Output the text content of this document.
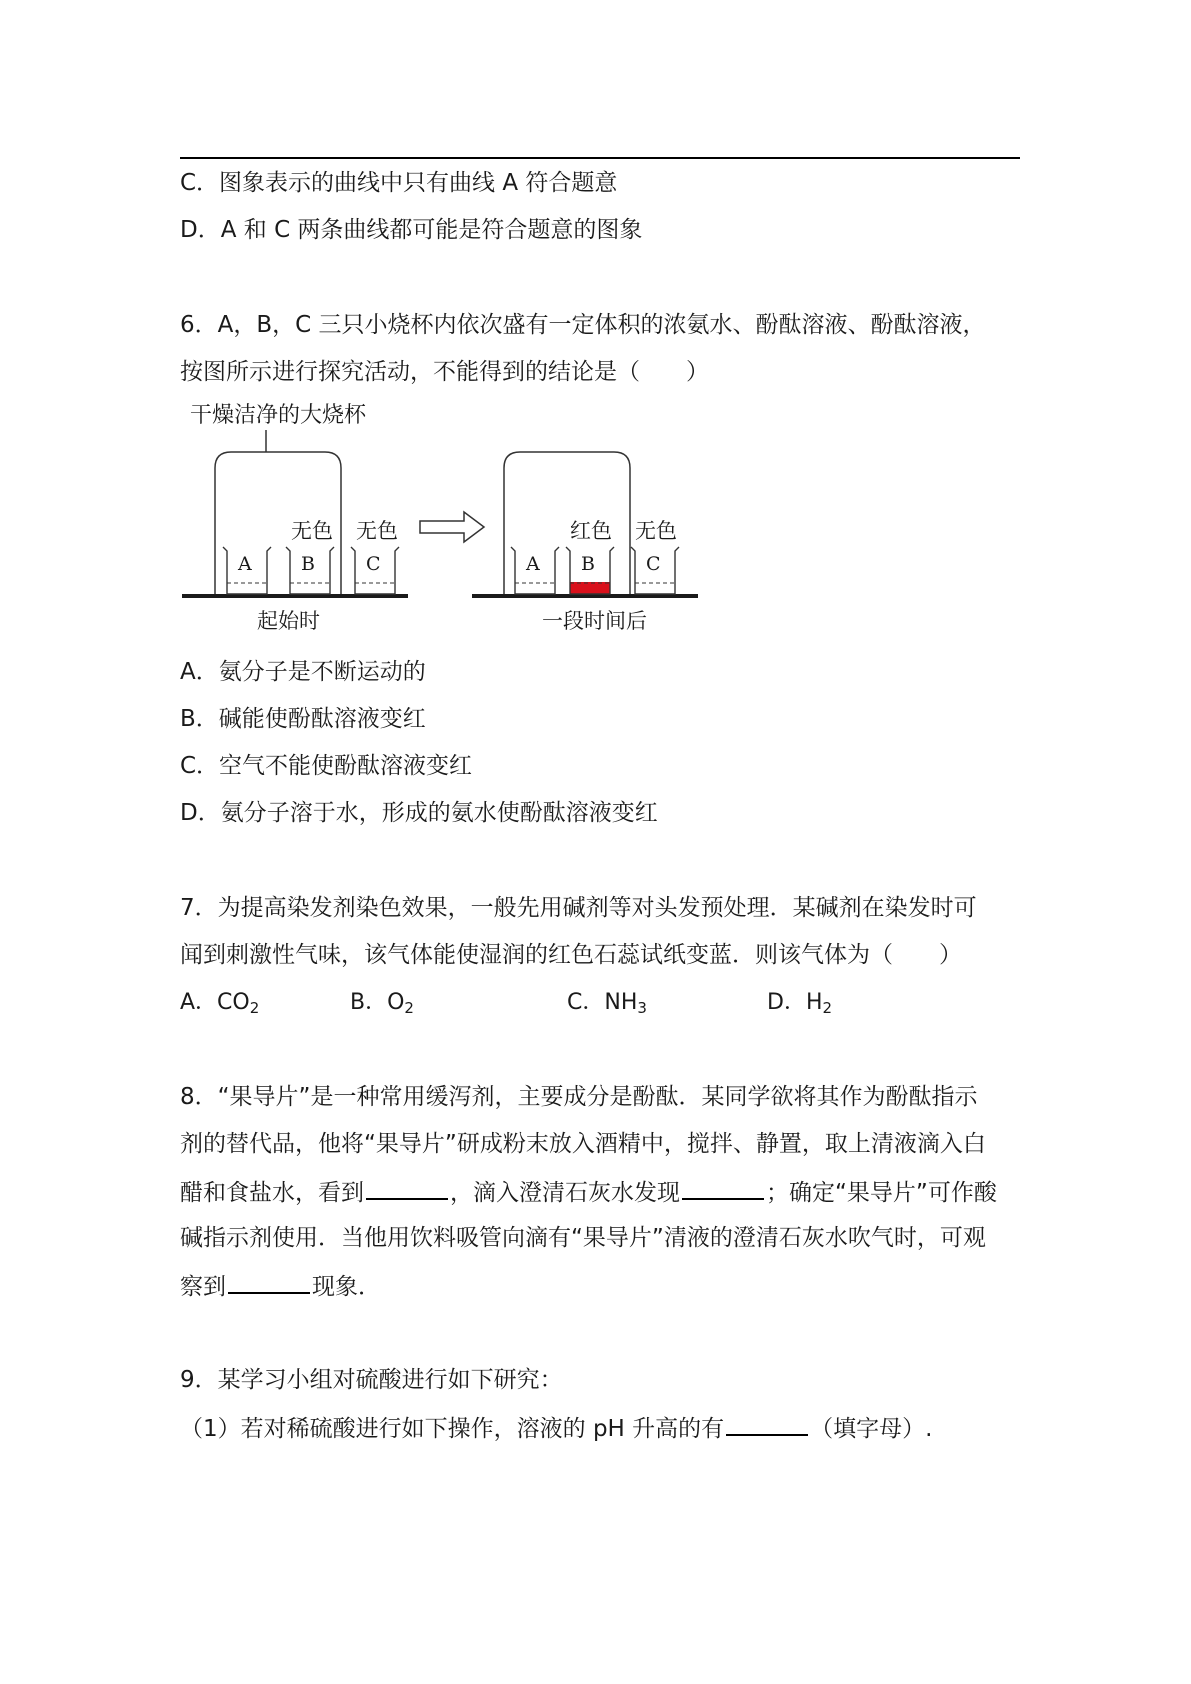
C．图象表示的曲线中只有曲线 A 符合题意
D．A 和 C 两条曲线都可能是符合题意的图象
6．A，B，C 三只小烧杯内依次盛有一定体积的浓氨水、酚酞溶液、酚酞溶液，
按图所示进行探究活动，不能得到的结论是（　　）
干燥洁净的大烧杯
A	B
无色
C
无色
起始时
A B
红色
C
无色
一段时间后
A．氨分子是不断运动的
B．碱能使酚酞溶液变红
C．空气不能使酚酞溶液变红
D．氨分子溶于水，形成的氨水使酚酞溶液变红
7．为提高染发剂染色效果，一般先用碱剂等对头发预处理．某碱剂在染发时可
闻到刺激性气味，该气体能使湿润的红色石蕊试纸变蓝．则该气体为（　　）
A．$CO_2$	B．$O_2$	C．$NH_3$	D．$H_2$
8．“果导片”是一种常用缓泻剂，主要成分是酚酞．某同学欲将其作为酚酞指示
剂的替代品，他将“果导片”研成粉末放入酒精中，搅拌、静置，取上清液滴入白
醋和食盐水，看到	，滴入澄清石灰水发现	；确定“果导片”可作酸
碱指示剂使用．当他用饮料吸管向滴有“果导片”清液的澄清石灰水吹气时，可观
察到	现象．
9．某学习小组对硫酸进行如下研究：
（1）若对稀硫酸进行如下操作，溶液的 pH 升高的有	（填字母）.
